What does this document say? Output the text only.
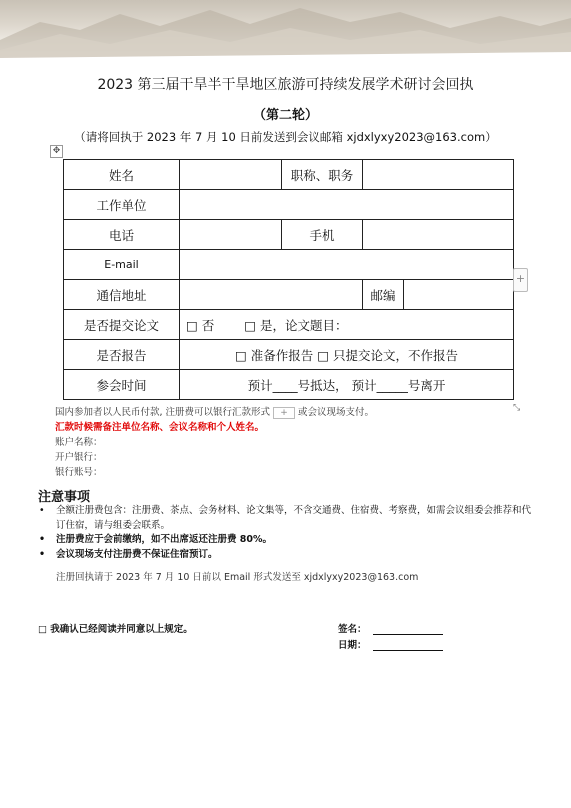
2023 第三届干旱半干旱地区旅游可持续发展学术研讨会回执
（第二轮）
（请将回执于 2023 年 7 月 10 日前发送到会议邮箱 xjdxlyxy2023@163.com）
✥
姓名		职称、职务		
工作单位				
电话		手机		
E-mail				
通信地址			邮编	
是否提交论文	□ 否 □ 是，论文题目：			
是否报告	□ 准备作报告 □ 只提交论文，不作报告			
参会时间	预计____号抵达， 预计_____号离开			
+
⤡
国内参加者以人民币付款, 注册费可以银行汇款形式 + 或会议现场支付。
汇款时候需备注单位名称、会议名称和个人姓名。
账户名称：
开户银行：
银行账号：
注意事项
• 全额注册费包含：注册费、茶点、会务材料、论文集等，不含交通费、住宿费、考察费，如需会议组委会推荐和代订住宿，请与组委会联系。
• 注册费应于会前缴纳，如不出席返还注册费 80%。
• 会议现场支付注册费不保证住宿预订。
注册回执请于 2023 年 7 月 10 日前以 Email 形式发送至 xjdxlyxy2023@163.com
□ 我确认已经阅读并同意以上规定。	签名：
日期：
